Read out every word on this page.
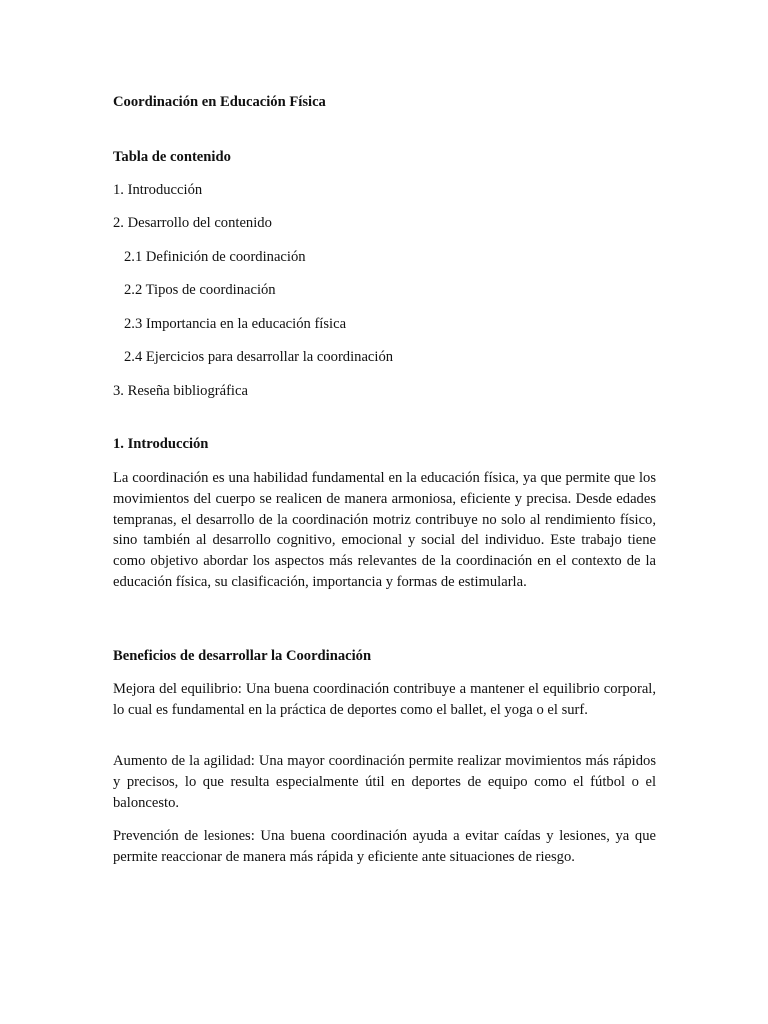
Coordinación en Educación Física
Tabla de contenido
1. Introducción
2. Desarrollo del contenido
2.1 Definición de coordinación
2.2 Tipos de coordinación
2.3 Importancia en la educación física
2.4 Ejercicios para desarrollar la coordinación
3. Reseña bibliográfica
1. Introducción
La coordinación es una habilidad fundamental en la educación física, ya que permite que los movimientos del cuerpo se realicen de manera armoniosa, eficiente y precisa. Desde edades tempranas, el desarrollo de la coordinación motriz contribuye no solo al rendimiento físico, sino también al desarrollo cognitivo, emocional y social del individuo. Este trabajo tiene como objetivo abordar los aspectos más relevantes de la coordinación en el contexto de la educación física, su clasificación, importancia y formas de estimularla.
Beneficios de desarrollar la Coordinación
Mejora del equilibrio: Una buena coordinación contribuye a mantener el equilibrio corporal, lo cual es fundamental en la práctica de deportes como el ballet, el yoga o el surf.
Aumento de la agilidad: Una mayor coordinación permite realizar movimientos más rápidos y precisos, lo que resulta especialmente útil en deportes de equipo como el fútbol o el baloncesto.
Prevención de lesiones: Una buena coordinación ayuda a evitar caídas y lesiones, ya que permite reaccionar de manera más rápida y eficiente ante situaciones de riesgo.
